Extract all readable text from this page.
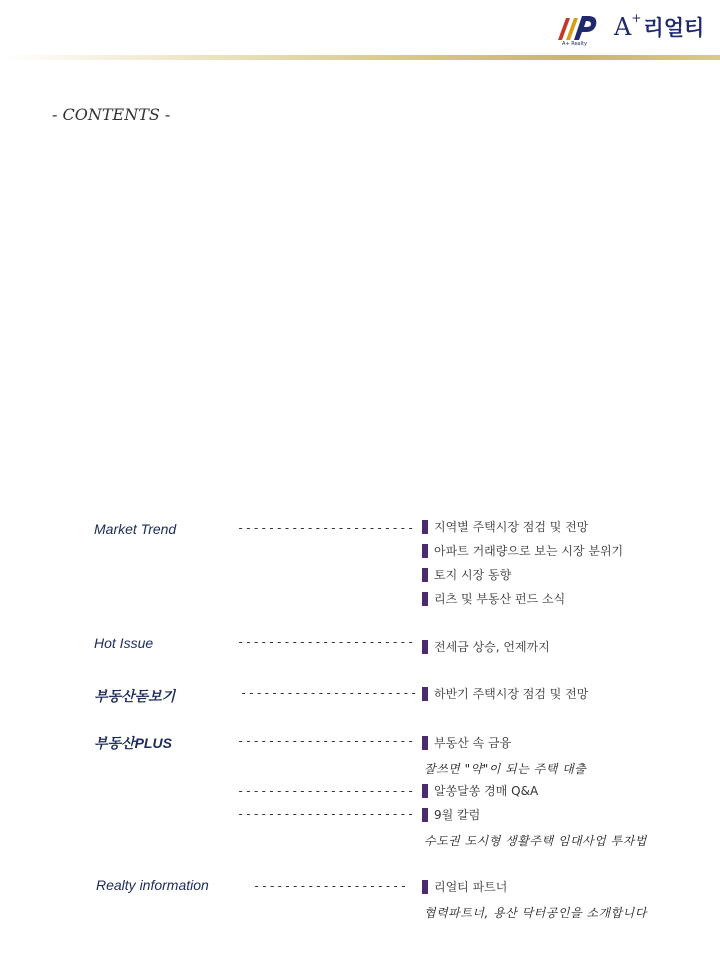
A+ Realty
A+리얼티
- CONTENTS -
Market Trend	-----------------------	지역별 주택시장 점검 및 전망
아파트 거래량으로 보는 시장 분위기
토지 시장 동향
리츠 및 부동산 펀드 소식
Hot Issue	-----------------------	전세금 상승, 언제까지
부동산돋보기	-----------------------	하반기 주택시장 점검 및 전망
부동산PLUS	-----------------------	부동산 속 금융
잘쓰면 "약"이 되는 주택 대출
-----------------------	알쏭달쏭 경매 Q&A
-----------------------	9월 칼럼
수도권 도시형 생활주택 임대사업 투자법
Realty information	--------------------	리얼티 파트너
협력파트너, 용산 닥터공인을 소개합니다
